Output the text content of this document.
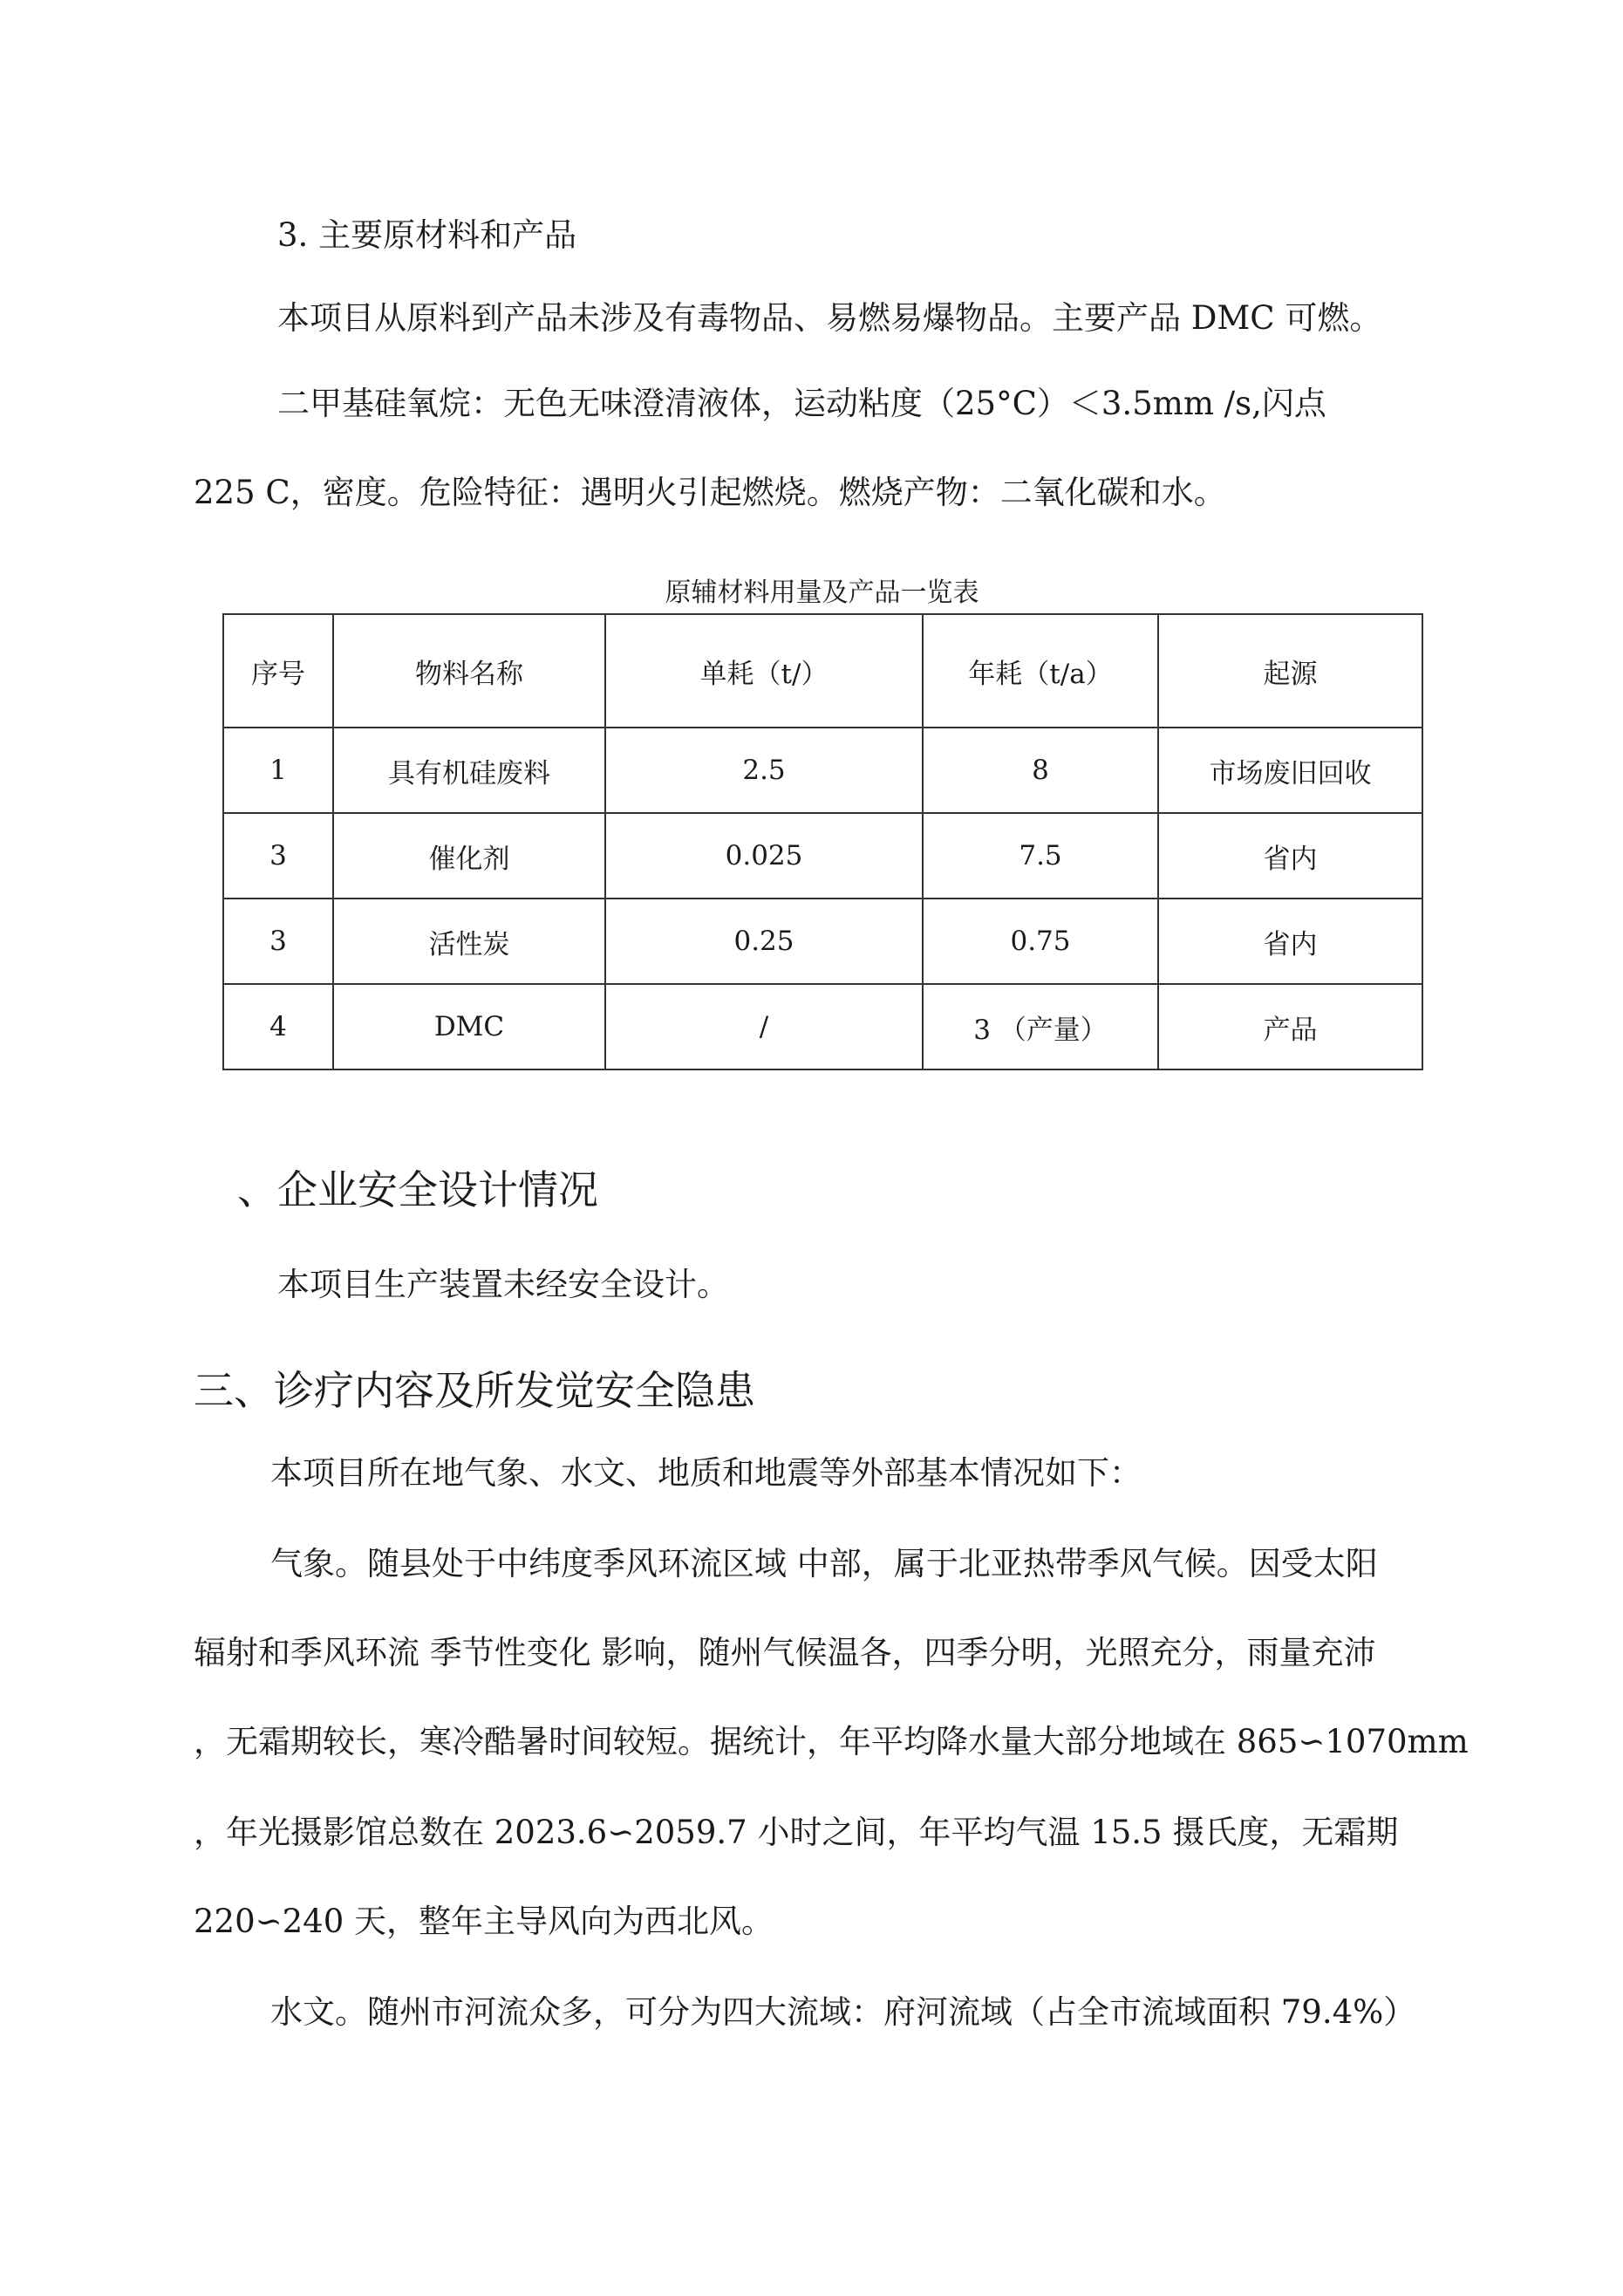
3. 主要原材料和产品
本项目从原料到产品未涉及有毒物品、易燃易爆物品。主要产品 DMC 可燃。
二甲基硅氧烷：无色无味澄清液体，运动粘度（25°C）＜3.5mm /s,闪点
225 C，密度。危险特征：遇明火引起燃烧。燃烧产物：二氧化碳和水。
原辅材料用量及产品一览表
序号	物料名称	单耗（t/）	年耗（t/a）	起源
1	具有机硅废料	2.5	8	市场废旧回收
3	催化剂	0.025	7.5	省内
3	活性炭	0.25	0.75	省内
4	DMC	/	3 （产量）	产品
、企业安全设计情况
本项目生产装置未经安全设计。
三、诊疗内容及所发觉安全隐患
本项目所在地气象、水文、地质和地震等外部基本情况如下：
气象。随县处于中纬度季风环流区域 中部，属于北亚热带季风气候。因受太阳
辐射和季风环流 季节性变化 影响，随州气候温各，四季分明，光照充分，雨量充沛
，无霜期较长，寒冷酷暑时间较短。据统计，年平均降水量大部分地域在 865∽1070mm
，年光摄影馆总数在 2023.6∽2059.7 小时之间，年平均气温 15.5 摄氏度，无霜期
220∽240 天，整年主导风向为西北风。
水文。随州市河流众多，可分为四大流域：府河流域（占全市流域面积 79.4%）
